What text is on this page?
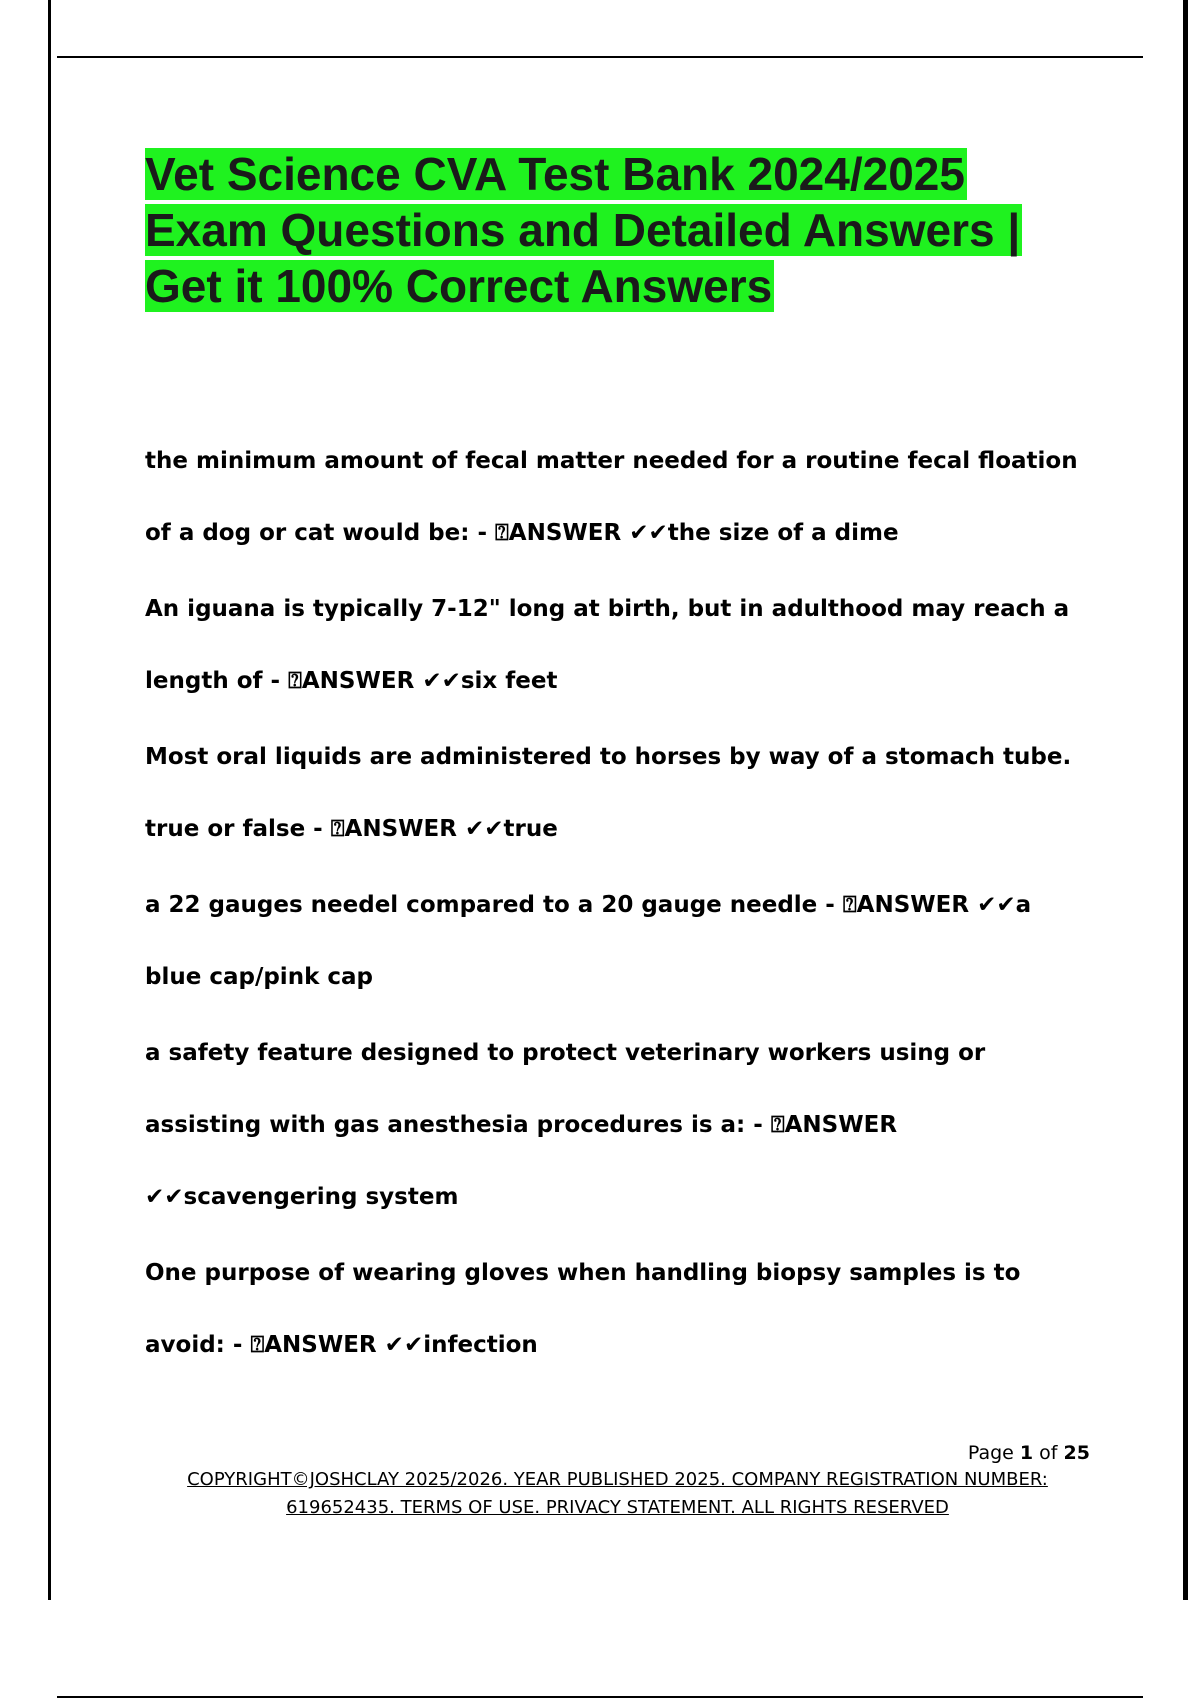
Vet Science CVA Test Bank 2024/2025 Exam Questions and Detailed Answers | Get it 100% Correct Answers
the minimum amount of fecal matter needed for a routine fecal floation of a dog or cat would be: - ⍰ANSWER ✔✔the size of a dime
An iguana is typically 7-12" long at birth, but in adulthood may reach a length of - ⍰ANSWER ✔✔six feet
Most oral liquids are administered to horses by way of a stomach tube. true or false - ⍰ANSWER ✔✔true
a 22 gauges needel compared to a 20 gauge needle - ⍰ANSWER ✔✔a blue cap/pink cap
a safety feature designed to protect veterinary workers using or assisting with gas anesthesia procedures is a: - ⍰ANSWER ✔✔scavengering system
One purpose of wearing gloves when handling biopsy samples is to avoid: - ⍰ANSWER ✔✔infection
Page 1 of 25
COPYRIGHT©JOSHCLAY 2025/2026. YEAR PUBLISHED 2025. COMPANY REGISTRATION NUMBER: 619652435. TERMS OF USE. PRIVACY STATEMENT. ALL RIGHTS RESERVED
